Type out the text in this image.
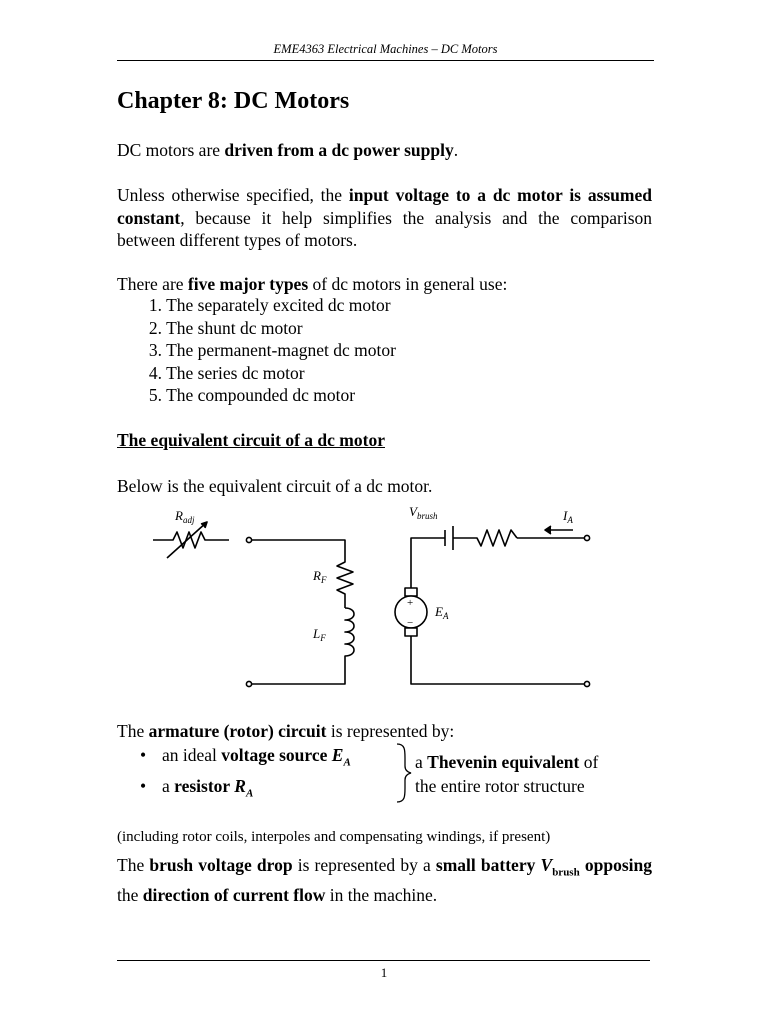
EME4363 Electrical Machines – DC Motors
Chapter 8: DC Motors

DC motors are driven from a dc power supply.

Unless otherwise specified, the input voltage to a dc motor is assumed constant, because it help simplifies the analysis and the comparison between different types of motors.

There are five major types of dc motors in general use:

1. The separately excited dc motor
2. The shunt dc motor
3. The permanent-magnet dc motor
4. The series dc motor
5. The compounded dc motor

The equivalent circuit of a dc motor

Below is the equivalent circuit of a dc motor.

$R_{adj}$
$R_F$
$L_F$
$V_{brush}$	$I_A$
$E_A$
+
−

The armature (rotor) circuit is represented by:

• an ideal voltage source $E_A$
• a resistor $R_A$
a Thevenin equivalent of
the entire rotor structure

(including rotor coils, interpoles and compensating windings, if present)

The brush voltage drop is represented by a small battery $V_{brush}$ opposing the direction of current flow in the machine.

1
